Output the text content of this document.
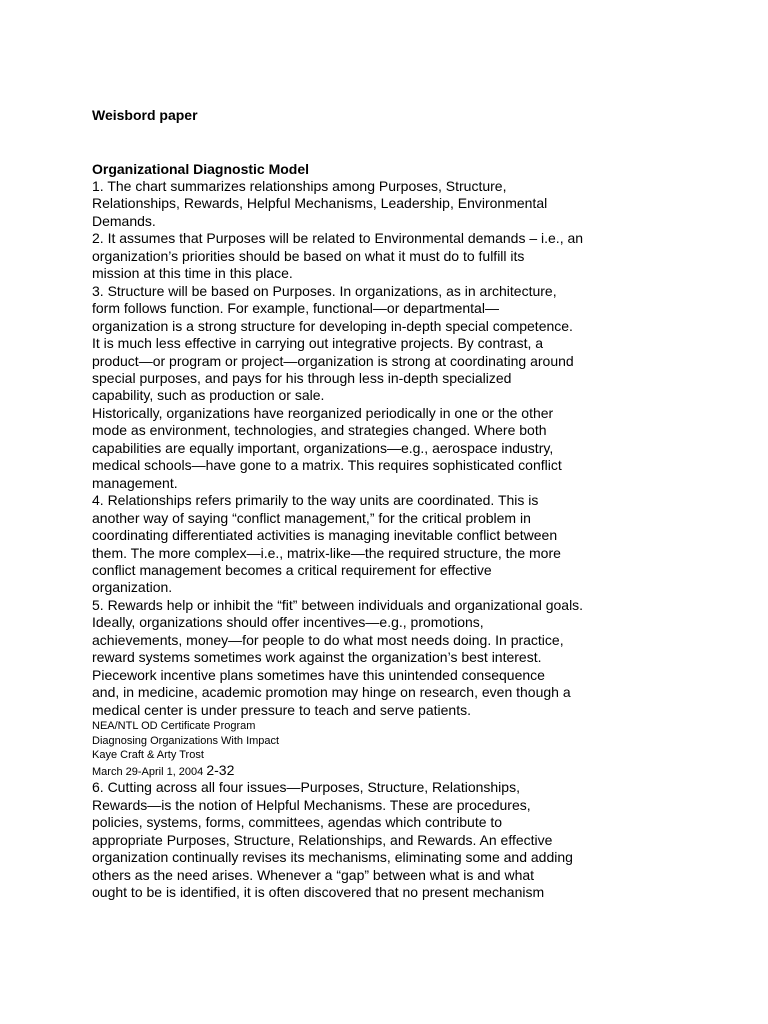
Weisbord paper

Organizational Diagnostic Model

1. The chart summarizes relationships among Purposes, Structure,

Relationships, Rewards, Helpful Mechanisms, Leadership, Environmental

Demands.

2. It assumes that Purposes will be related to Environmental demands – i.e., an

organization’s priorities should be based on what it must do to fulfill its

mission at this time in this place.

3. Structure will be based on Purposes. In organizations, as in architecture,

form follows function. For example, functional—or departmental—

organization is a strong structure for developing in-depth special competence.

It is much less effective in carrying out integrative projects. By contrast, a

product—or program or project—organization is strong at coordinating around

special purposes, and pays for his through less in-depth specialized

capability, such as production or sale.

Historically, organizations have reorganized periodically in one or the other

mode as environment, technologies, and strategies changed. Where both

capabilities are equally important, organizations—e.g., aerospace industry,

medical schools—have gone to a matrix. This requires sophisticated conflict

management.

4. Relationships refers primarily to the way units are coordinated. This is

another way of saying “conflict management,” for the critical problem in

coordinating differentiated activities is managing inevitable conflict between

them. The more complex—i.e., matrix-like—the required structure, the more

conflict management becomes a critical requirement for effective

organization.

5. Rewards help or inhibit the “fit” between individuals and organizational goals.

Ideally, organizations should offer incentives—e.g., promotions,

achievements, money—for people to do what most needs doing. In practice,

reward systems sometimes work against the organization’s best interest.

Piecework incentive plans sometimes have this unintended consequence

and, in medicine, academic promotion may hinge on research, even though a

medical center is under pressure to teach and serve patients.

NEA/NTL OD Certificate Program

Diagnosing Organizations With Impact

Kaye Craft & Arty Trost

March 29-April 1, 2004 2-32

6. Cutting across all four issues—Purposes, Structure, Relationships,

Rewards—is the notion of Helpful Mechanisms. These are procedures,

policies, systems, forms, committees, agendas which contribute to

appropriate Purposes, Structure, Relationships, and Rewards. An effective

organization continually revises its mechanisms, eliminating some and adding

others as the need arises. Whenever a “gap” between what is and what

ought to be is identified, it is often discovered that no present mechanism
